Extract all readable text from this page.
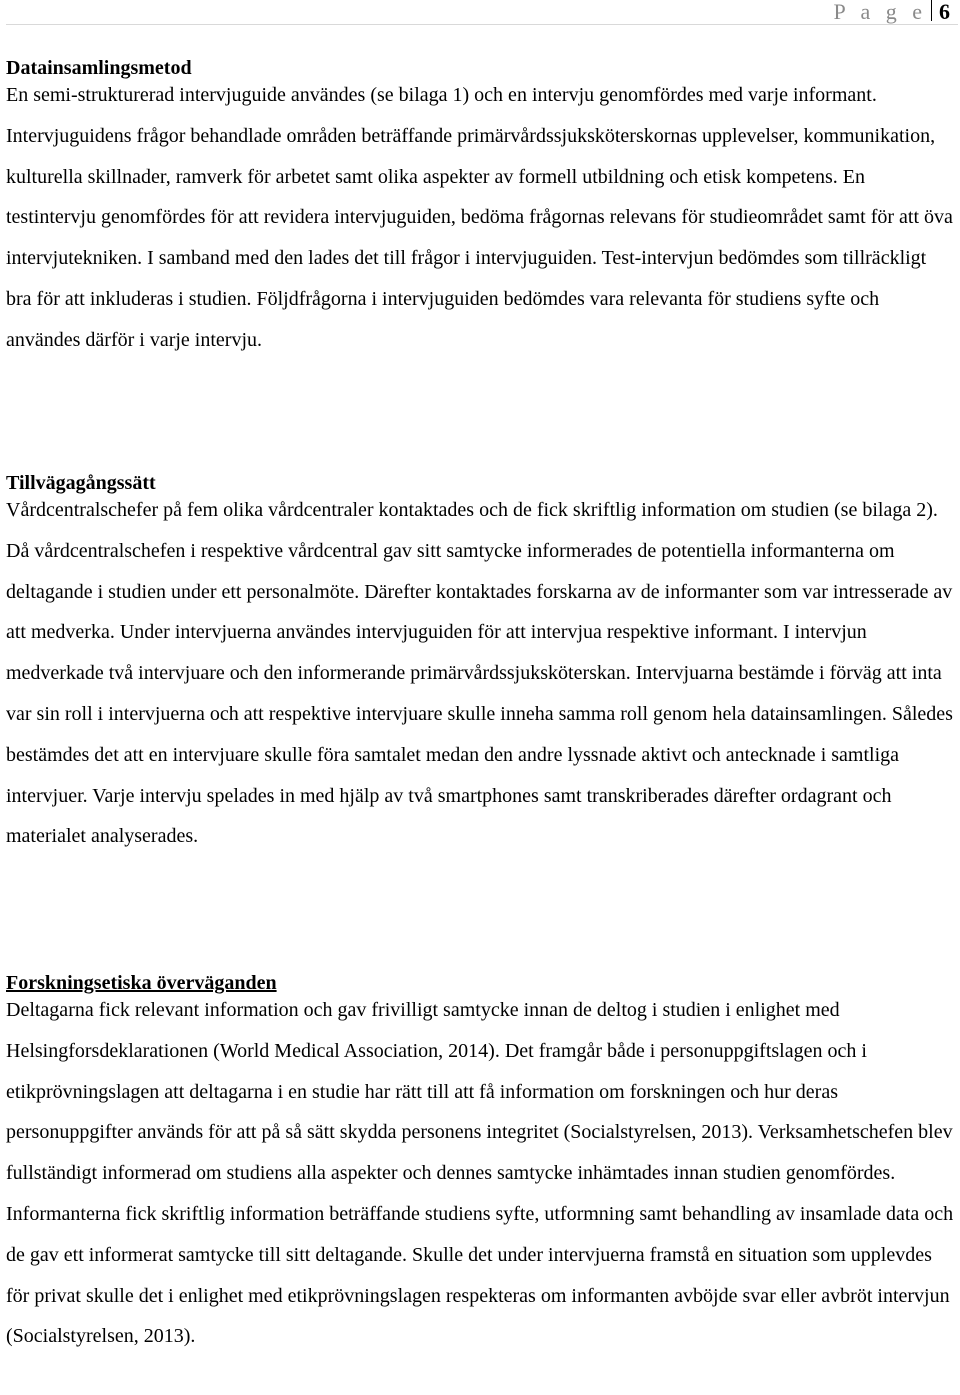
P a g e 6
Datainsamlingsmetod

En semi-strukturerad intervjuguide användes (se bilaga 1) och en intervju genomfördes med varje informant. Intervjuguidens frågor behandlade områden beträffande primärvårdssjuksköterskornas upplevelser, kommunikation, kulturella skillnader, ramverk för arbetet samt olika aspekter av formell utbildning och etisk kompetens. En testintervju genomfördes för att revidera intervjuguiden, bedöma frågornas relevans för studieområdet samt för att öva intervjutekniken. I samband med den lades det till frågor i intervjuguiden. Test-intervjun bedömdes som tillräckligt bra för att inkluderas i studien. Följdfrågorna i intervjuguiden bedömdes vara relevanta för studiens syfte och användes därför i varje intervju.

Tillvägagångssätt

Vårdcentralschefer på fem olika vårdcentraler kontaktades och de fick skriftlig information om studien (se bilaga 2). Då vårdcentralschefen i respektive vårdcentral gav sitt samtycke informerades de potentiella informanterna om deltagande i studien under ett personalmöte. Därefter kontaktades forskarna av de informanter som var intresserade av att medverka. Under intervjuerna användes intervjuguiden för att intervjua respektive informant. I intervjun medverkade två intervjuare och den informerande primärvårdssjuksköterskan. Intervjuarna bestämde i förväg att inta var sin roll i intervjuerna och att respektive intervjuare skulle inneha samma roll genom hela datainsamlingen. Således bestämdes det att en intervjuare skulle föra samtalet medan den andre lyssnade aktivt och antecknade i samtliga intervjuer. Varje intervju spelades in med hjälp av två smartphones samt transkriberades därefter ordagrant och materialet analyserades.

Forskningsetiska överväganden

Deltagarna fick relevant information och gav frivilligt samtycke innan de deltog i studien i enlighet med Helsingforsdeklarationen (World Medical Association, 2014). Det framgår både i personuppgiftslagen och i etikprövningslagen att deltagarna i en studie har rätt till att få information om forskningen och hur deras personuppgifter används för att på så sätt skydda personens integritet (Socialstyrelsen, 2013). Verksamhetschefen blev fullständigt informerad om studiens alla aspekter och dennes samtycke inhämtades innan studien genomfördes. Informanterna fick skriftlig information beträffande studiens syfte, utformning samt behandling av insamlade data och de gav ett informerat samtycke till sitt deltagande. Skulle det under intervjuerna framstå en situation som upplevdes för privat skulle det i enlighet med etikprövningslagen respekteras om informanten avböjde svar eller avbröt intervjun (Socialstyrelsen, 2013).
